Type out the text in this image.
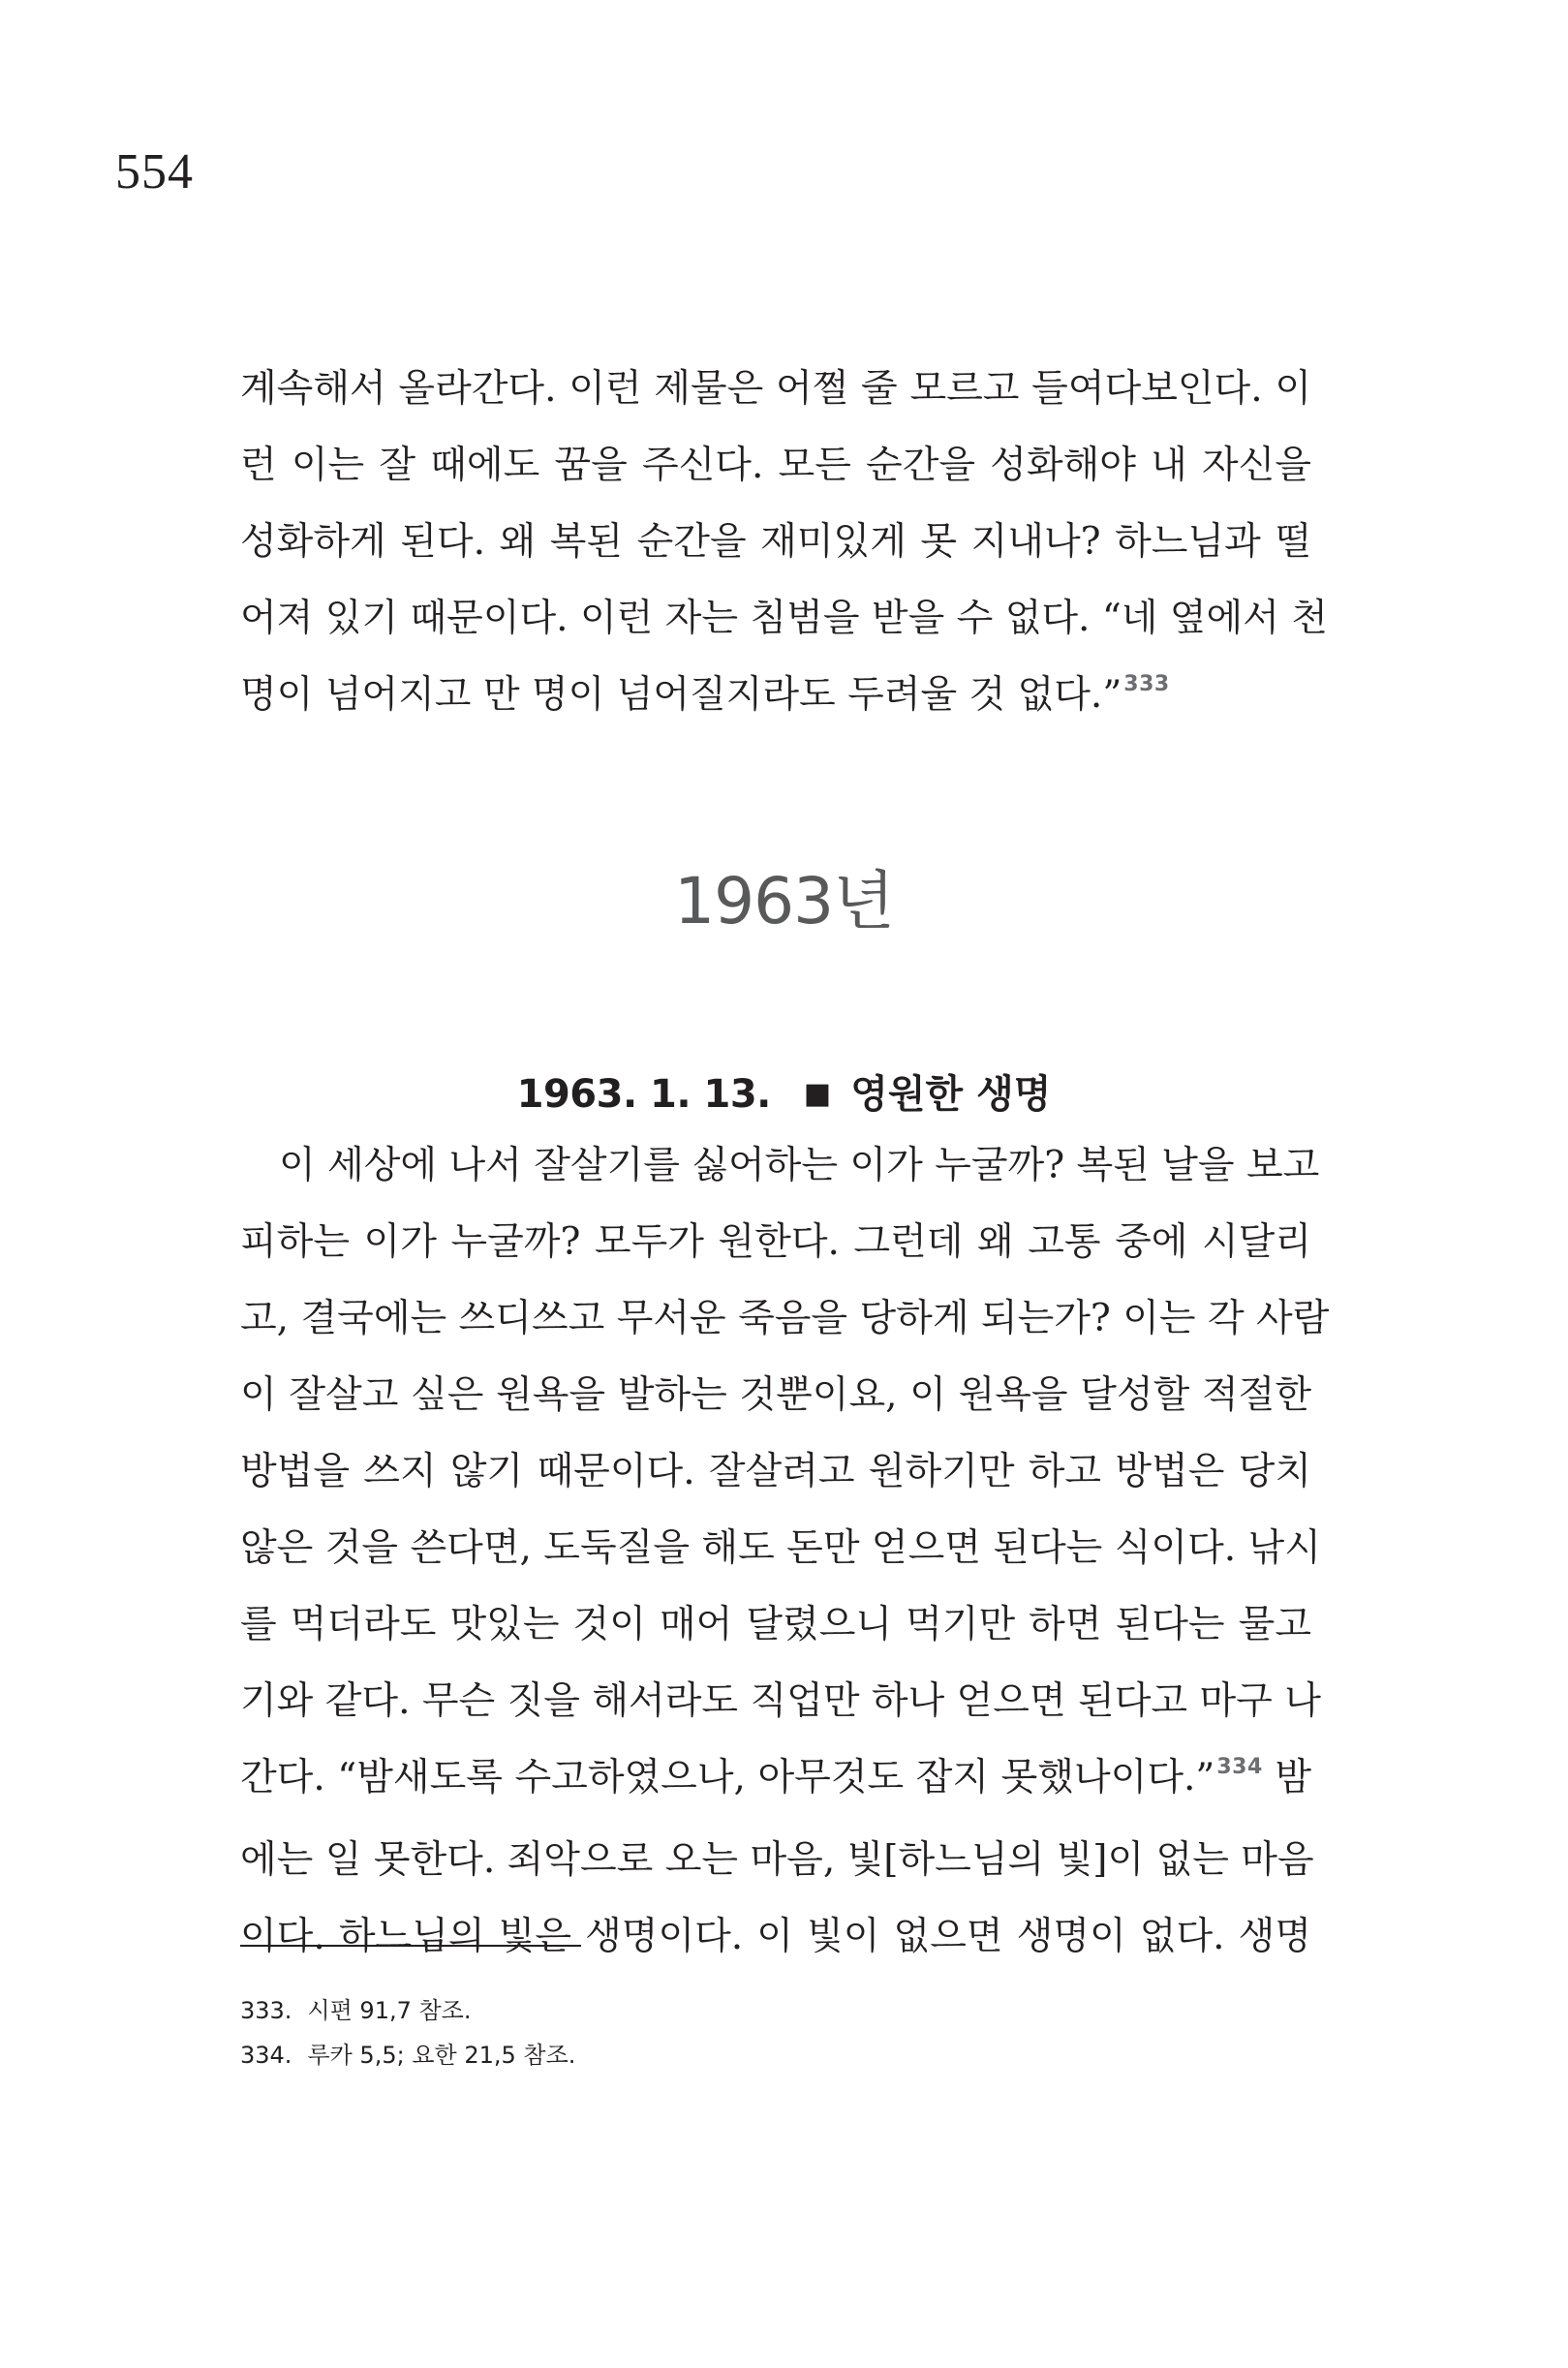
554
계속해서 올라간다. 이런 제물은 어쩔 줄 모르고 들여다보인다. 이
런 이는 잘 때에도 꿈을 주신다. 모든 순간을 성화해야 내 자신을
성화하게 된다. 왜 복된 순간을 재미있게 못 지내나? 하느님과 떨
어져 있기 때문이다. 이런 자는 침범을 받을 수 없다. “네 옆에서 천
명이 넘어지고 만 명이 넘어질지라도 두려울 것 없다.”$^{333}$
1963년
1963. 1. 13. ■ 영원한 생명
이 세상에 나서 잘살기를 싫어하는 이가 누굴까? 복된 날을 보고
피하는 이가 누굴까? 모두가 원한다. 그런데 왜 고통 중에 시달리
고, 결국에는 쓰디쓰고 무서운 죽음을 당하게 되는가? 이는 각 사람
이 잘살고 싶은 원욕을 발하는 것뿐이요, 이 원욕을 달성할 적절한
방법을 쓰지 않기 때문이다. 잘살려고 원하기만 하고 방법은 당치
않은 것을 쓴다면, 도둑질을 해도 돈만 얻으면 된다는 식이다. 낚시
를 먹더라도 맛있는 것이 매어 달렸으니 먹기만 하면 된다는 물고
기와 같다. 무슨 짓을 해서라도 직업만 하나 얻으면 된다고 마구 나
간다. “밤새도록 수고하였으나, 아무것도 잡지 못했나이다.”$^{334}$ 밤
에는 일 못한다. 죄악으로 오는 마음, 빛[하느님의 빛]이 없는 마음
이다. 하느님의 빛은 생명이다. 이 빛이 없으면 생명이 없다. 생명
333. 시편 91,7 참조.
334. 루카 5,5; 요한 21,5 참조.
